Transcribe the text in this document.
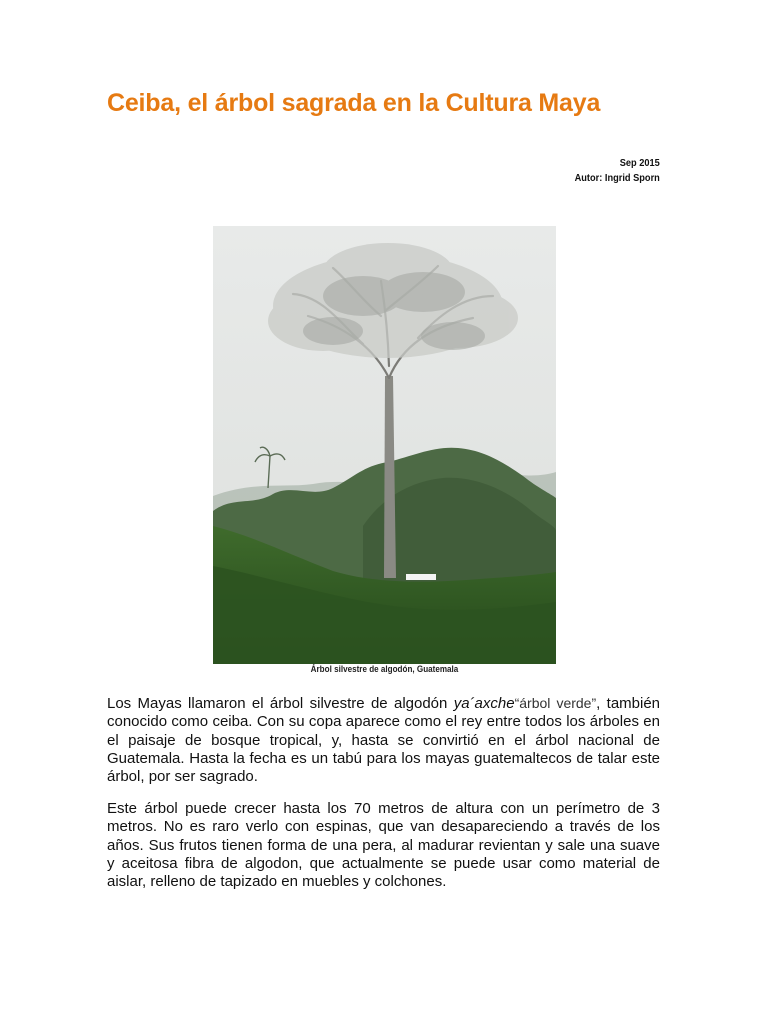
Ceiba, el árbol sagrada en la Cultura Maya
Sep 2015
Autor: Ingrid Sporn
Árbol silvestre de algodón, Guatemala

Los Mayas llamaron el árbol silvestre de algodón ya´axche“árbol verde”, también conocido como ceiba. Con su copa aparece como el rey entre todos los árboles en el paisaje de bosque tropical, y, hasta se convirtió en el árbol nacional de Guatemala. Hasta la fecha es un tabú para los mayas guatemaltecos de talar este árbol, por ser sagrado.

Este árbol puede crecer hasta los 70 metros de altura con un perímetro de 3 metros. No es raro verlo con espinas, que van desapareciendo a través de los años. Sus frutos tienen forma de una pera, al madurar revientan y sale una suave y aceitosa fibra de algodon, que actualmente se puede usar como material de aislar, relleno de tapizado en muebles y colchones.
